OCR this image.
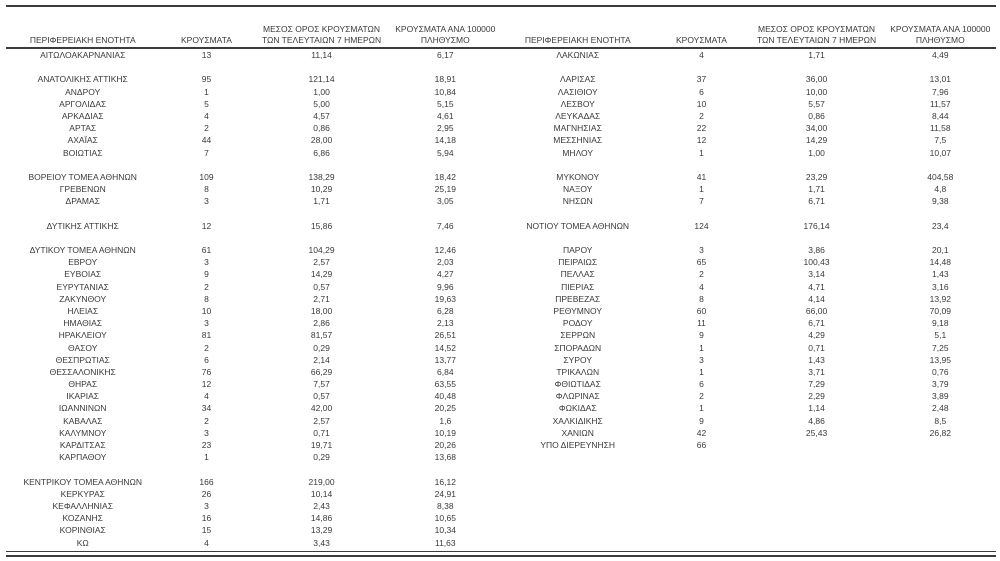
ΠΕΡΙΦΕΡΕΙΑΚΗ ΕΝΟΤΗΤΑ	ΚΡΟΥΣΜΑΤΑ	ΜΕΣΟΣ ΟΡΟΣ ΚΡΟΥΣΜΑΤΩΝ
ΤΩΝ ΤΕΛΕΥΤΑΙΩΝ 7 ΗΜΕΡΩΝ	ΚΡΟΥΣΜΑΤΑ ΑΝΑ 100000
ΠΛΗΘΥΣΜΟ
ΑΙΤΩΛΟΑΚΑΡΝΑΝΙΑΣ	13	11,14	6,17

ΑΝΑΤΟΛΙΚΗΣ ΑΤΤΙΚΗΣ	95	121,14	18,91
ΑΝΔΡΟΥ	1	1,00	10,84
ΑΡΓΟΛΙΔΑΣ	5	5,00	5,15
ΑΡΚΑΔΙΑΣ	4	4,57	4,61
ΑΡΤΑΣ	2	0,86	2,95
ΑΧΑΪΑΣ	44	28,00	14,18
ΒΟΙΩΤΙΑΣ	7	6,86	5,94

ΒΟΡΕΙΟΥ ΤΟΜΕΑ ΑΘΗΝΩΝ	109	138,29	18,42
ΓΡΕΒΕΝΩΝ	8	10,29	25,19
ΔΡΑΜΑΣ	3	1,71	3,05

ΔΥΤΙΚΗΣ ΑΤΤΙΚΗΣ	12	15,86	7,46

ΔΥΤΙΚΟΥ ΤΟΜΕΑ ΑΘΗΝΩΝ	61	104,29	12,46
ΕΒΡΟΥ	3	2,57	2,03
ΕΥΒΟΙΑΣ	9	14,29	4,27
ΕΥΡΥΤΑΝΙΑΣ	2	0,57	9,96
ΖΑΚΥΝΘΟΥ	8	2,71	19,63
ΗΛΕΙΑΣ	10	18,00	6,28
ΗΜΑΘΙΑΣ	3	2,86	2,13
ΗΡΑΚΛΕΙΟΥ	81	81,57	26,51
ΘΑΣΟΥ	2	0,29	14,52
ΘΕΣΠΡΩΤΙΑΣ	6	2,14	13,77
ΘΕΣΣΑΛΟΝΙΚΗΣ	76	66,29	6,84
ΘΗΡΑΣ	12	7,57	63,55
ΙΚΑΡΙΑΣ	4	0,57	40,48
ΙΩΑΝΝΙΝΩΝ	34	42,00	20,25
ΚΑΒΑΛΑΣ	2	2,57	1,6
ΚΑΛΥΜΝΟΥ	3	0,71	10,19
ΚΑΡΔΙΤΣΑΣ	23	19,71	20,26
ΚΑΡΠΑΘΟΥ	1	0,29	13,68

ΚΕΝΤΡΙΚΟΥ ΤΟΜΕΑ ΑΘΗΝΩΝ	166	219,00	16,12
ΚΕΡΚΥΡΑΣ	26	10,14	24,91
ΚΕΦΑΛΛΗΝΙΑΣ	3	2,43	8,38
ΚΟΖΑΝΗΣ	16	14,86	10,65
ΚΟΡΙΝΘΙΑΣ	15	13,29	10,34
ΚΩ	4	3,43	11,63
ΠΕΡΙΦΕΡΕΙΑΚΗ ΕΝΟΤΗΤΑ	ΚΡΟΥΣΜΑΤΑ	ΜΕΣΟΣ ΟΡΟΣ ΚΡΟΥΣΜΑΤΩΝ
ΤΩΝ ΤΕΛΕΥΤΑΙΩΝ 7 ΗΜΕΡΩΝ	ΚΡΟΥΣΜΑΤΑ ΑΝΑ 100000
ΠΛΗΘΥΣΜΟ
ΛΑΚΩΝΙΑΣ	4	1,71	4,49

ΛΑΡΙΣΑΣ	37	36,00	13,01
ΛΑΣΙΘΙΟΥ	6	10,00	7,96
ΛΕΣΒΟΥ	10	5,57	11,57
ΛΕΥΚΑΔΑΣ	2	0,86	8,44
ΜΑΓΝΗΣΙΑΣ	22	34,00	11,58
ΜΕΣΣΗΝΙΑΣ	12	14,29	7,5
ΜΗΛΟΥ	1	1,00	10,07

ΜΥΚΟΝΟΥ	41	23,29	404,58
ΝΑΞΟΥ	1	1,71	4,8
ΝΗΣΩΝ	7	6,71	9,38

ΝΟΤΙΟΥ ΤΟΜΕΑ ΑΘΗΝΩΝ	124	176,14	23,4

ΠΑΡΟΥ	3	3,86	20,1
ΠΕΙΡΑΙΩΣ	65	100,43	14,48
ΠΕΛΛΑΣ	2	3,14	1,43
ΠΙΕΡΙΑΣ	4	4,71	3,16
ΠΡΕΒΕΖΑΣ	8	4,14	13,92
ΡΕΘΥΜΝΟΥ	60	66,00	70,09
ΡΟΔΟΥ	11	6,71	9,18
ΣΕΡΡΩΝ	9	4,29	5,1
ΣΠΟΡΑΔΩΝ	1	0,71	7,25
ΣΥΡΟΥ	3	1,43	13,95
ΤΡΙΚΑΛΩΝ	1	3,71	0,76
ΦΘΙΩΤΙΔΑΣ	6	7,29	3,79
ΦΛΩΡΙΝΑΣ	2	2,29	3,89
ΦΩΚΙΔΑΣ	1	1,14	2,48
ΧΑΛΚΙΔΙΚΗΣ	9	4,86	8,5
ΧΑΝΙΩΝ	42	25,43	26,82
ΥΠΟ ΔΙΕΡΕΥΝΗΣΗ	66		
